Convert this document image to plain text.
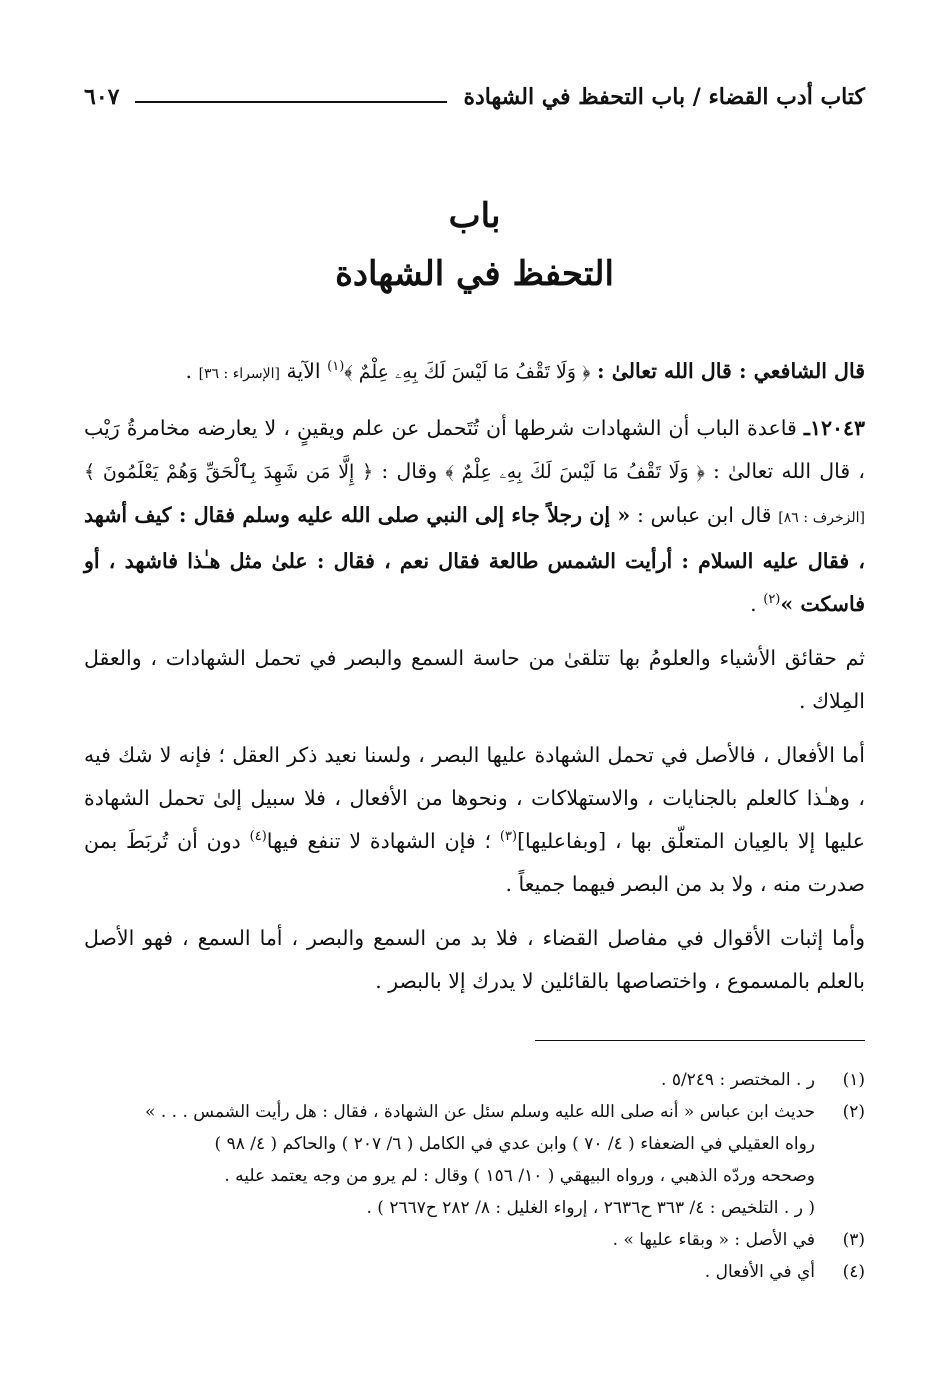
كتاب أدب القضاء / باب التحفظ في الشهادة
٦٠٧
باب
التحفظ في الشهادة

قال الشافعي : قال الله تعالىٰ : ﴿ وَلَا تَقْفُ مَا لَيْسَ لَكَ بِهِۦ عِلْمٌ ﴾$^{(١)}$ الآية [الإسراء : ٣٦] .

١٢٠٤٣ـ قاعدة الباب أن الشهادات شرطها أن تُتَحمل عن علم ويقينٍ ، لا يعارضه مخامرةُ رَيْب ، قال الله تعالىٰ : ﴿ وَلَا تَقْفُ مَا لَيْسَ لَكَ بِهِۦ عِلْمٌ ﴾ وقال : ﴿ إِلَّا مَن شَهِدَ بِٱلْحَقِّ وَهُمْ يَعْلَمُونَ ﴾ [الزخرف : ٨٦] قال ابن عباس : « إن رجلاً جاء إلى النبي صلى الله عليه وسلم فقال : كيف أشهد ، فقال عليه السلام : أرأيت الشمس طالعة فقال نعم ، فقال : علىٰ مثل هـٰذا فاشهد ، أو فاسكت »$^{(٢)}$ .

ثم حقائق الأشياء والعلومُ بها تتلقىٰ من حاسة السمع والبصر في تحمل الشهادات ، والعقل المِلاك .

أما الأفعال ، فالأصل في تحمل الشهادة عليها البصر ، ولسنا نعيد ذكر العقل ؛ فإنه لا شك فيه ، وهـٰذا كالعلم بالجنايات ، والاستهلاكات ، ونحوها من الأفعال ، فلا سبيل إلىٰ تحمل الشهادة عليها إلا بالعِيان المتعلّق بها ، [وبفاعليها]$^{(٣)}$ ؛ فإن الشهادة لا تنفع فيها$^{(٤)}$ دون أن تُربَطَ بمن صدرت منه ، ولا بد من البصر فيهما جميعاً .

وأما إثبات الأقوال في مفاصل القضاء ، فلا بد من السمع والبصر ، أما السمع ، فهو الأصل بالعلم بالمسموع ، واختصاصها بالقائلين لا يدرك إلا بالبصر .

(١)
ر . المختصر : ٥/٢٤٩ .
(٢)
حديث ابن عباس « أنه صلى الله عليه وسلم سئل عن الشهادة ، فقال : هل رأيت الشمس . . . »
رواه العقيلي في الضعفاء ( ٤/ ٧٠ ) وابن عدي في الكامل ( ٦/ ٢٠٧ ) والحاكم ( ٤/ ٩٨ )
وصححه وردّه الذهبي ، ورواه البيهقي ( ١٠/ ١٥٦ ) وقال : لم يرو من وجه يعتمد عليه .
( ر . التلخيص : ٤/ ٣٦٣ ح٢٦٣٦ ، إرواء الغليل : ٨/ ٢٨٢ ح٢٦٦٧ ) .
(٣)
في الأصل : « وبقاء عليها » .
(٤)
أي في الأفعال .
